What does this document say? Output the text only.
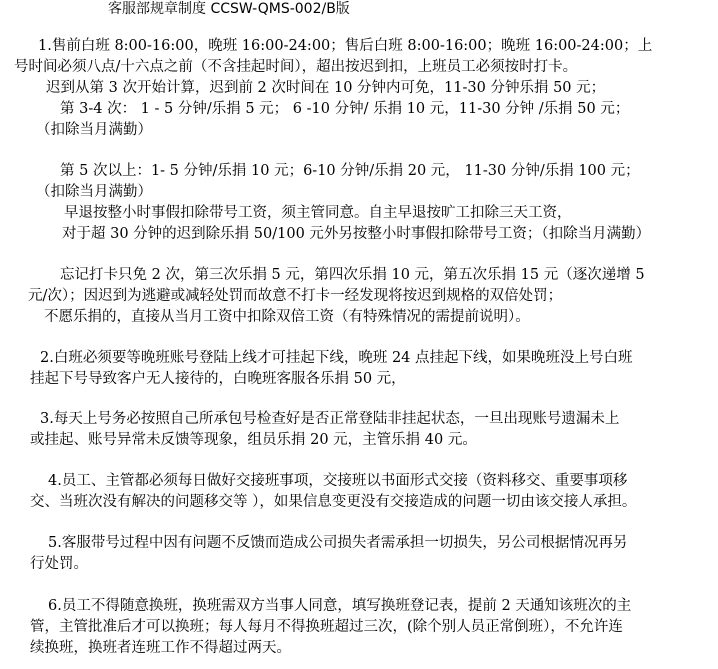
客服部规章制度 CCSW-QMS-002/B版
1.售前白班 8:00-16:00，晚班 16:00-24:00；售后白班 8:00-16:00；晚班 16:00-24:00；上
号时间必须八点/十六点之前（不含挂起时间），超出按迟到扣，上班员工必须按时打卡。
迟到从第 3 次开始计算，迟到前 2 次时间在 10 分钟内可免，11-30 分钟乐捐 50 元；
第 3-4 次： 1 - 5 分钟/乐捐 5 元； 6 -10 分钟/ 乐捐 10 元，11-30 分钟 /乐捐 50 元；
（扣除当月满勤）
第 5 次以上：1- 5 分钟/乐捐 10 元；6-10 分钟/乐捐 20 元， 11-30 分钟/乐捐 100 元；
（扣除当月满勤）
早退按整小时事假扣除带号工资，须主管同意。自主早退按旷工扣除三天工资，
对于超 30 分钟的迟到除乐捐 50/100 元外另按整小时事假扣除带号工资；（扣除当月满勤）
忘记打卡只免 2 次，第三次乐捐 5 元，第四次乐捐 10 元，第五次乐捐 15 元（逐次递增 5
元/次）；因迟到为逃避或减轻处罚而故意不打卡一经发现将按迟到规格的双倍处罚；
不愿乐捐的，直接从当月工资中扣除双倍工资（有特殊情况的需提前说明）。
2.白班必须要等晚班账号登陆上线才可挂起下线，晚班 24 点挂起下线，如果晚班没上号白班
挂起下号导致客户无人接待的，白晚班客服各乐捐 50 元，
3.每天上号务必按照自己所承包号检查好是否正常登陆非挂起状态，一旦出现账号遗漏未上
或挂起、账号异常未反馈等现象，组员乐捐 20 元，主管乐捐 40 元。
4.员工、主管都必须每日做好交接班事项，交接班以书面形式交接（资料移交、重要事项移
交、当班次没有解决的问题移交等 ），如果信息变更没有交接造成的问题一切由该交接人承担。
5.客服带号过程中因有问题不反馈而造成公司损失者需承担一切损失，另公司根据情况再另
行处罚。
6.员工不得随意换班，换班需双方当事人同意，填写换班登记表，提前 2 天通知该班次的主
管，主管批准后才可以换班；每人每月不得换班超过三次，(除个别人员正常倒班），不允许连
续换班，换班者连班工作不得超过两天。
